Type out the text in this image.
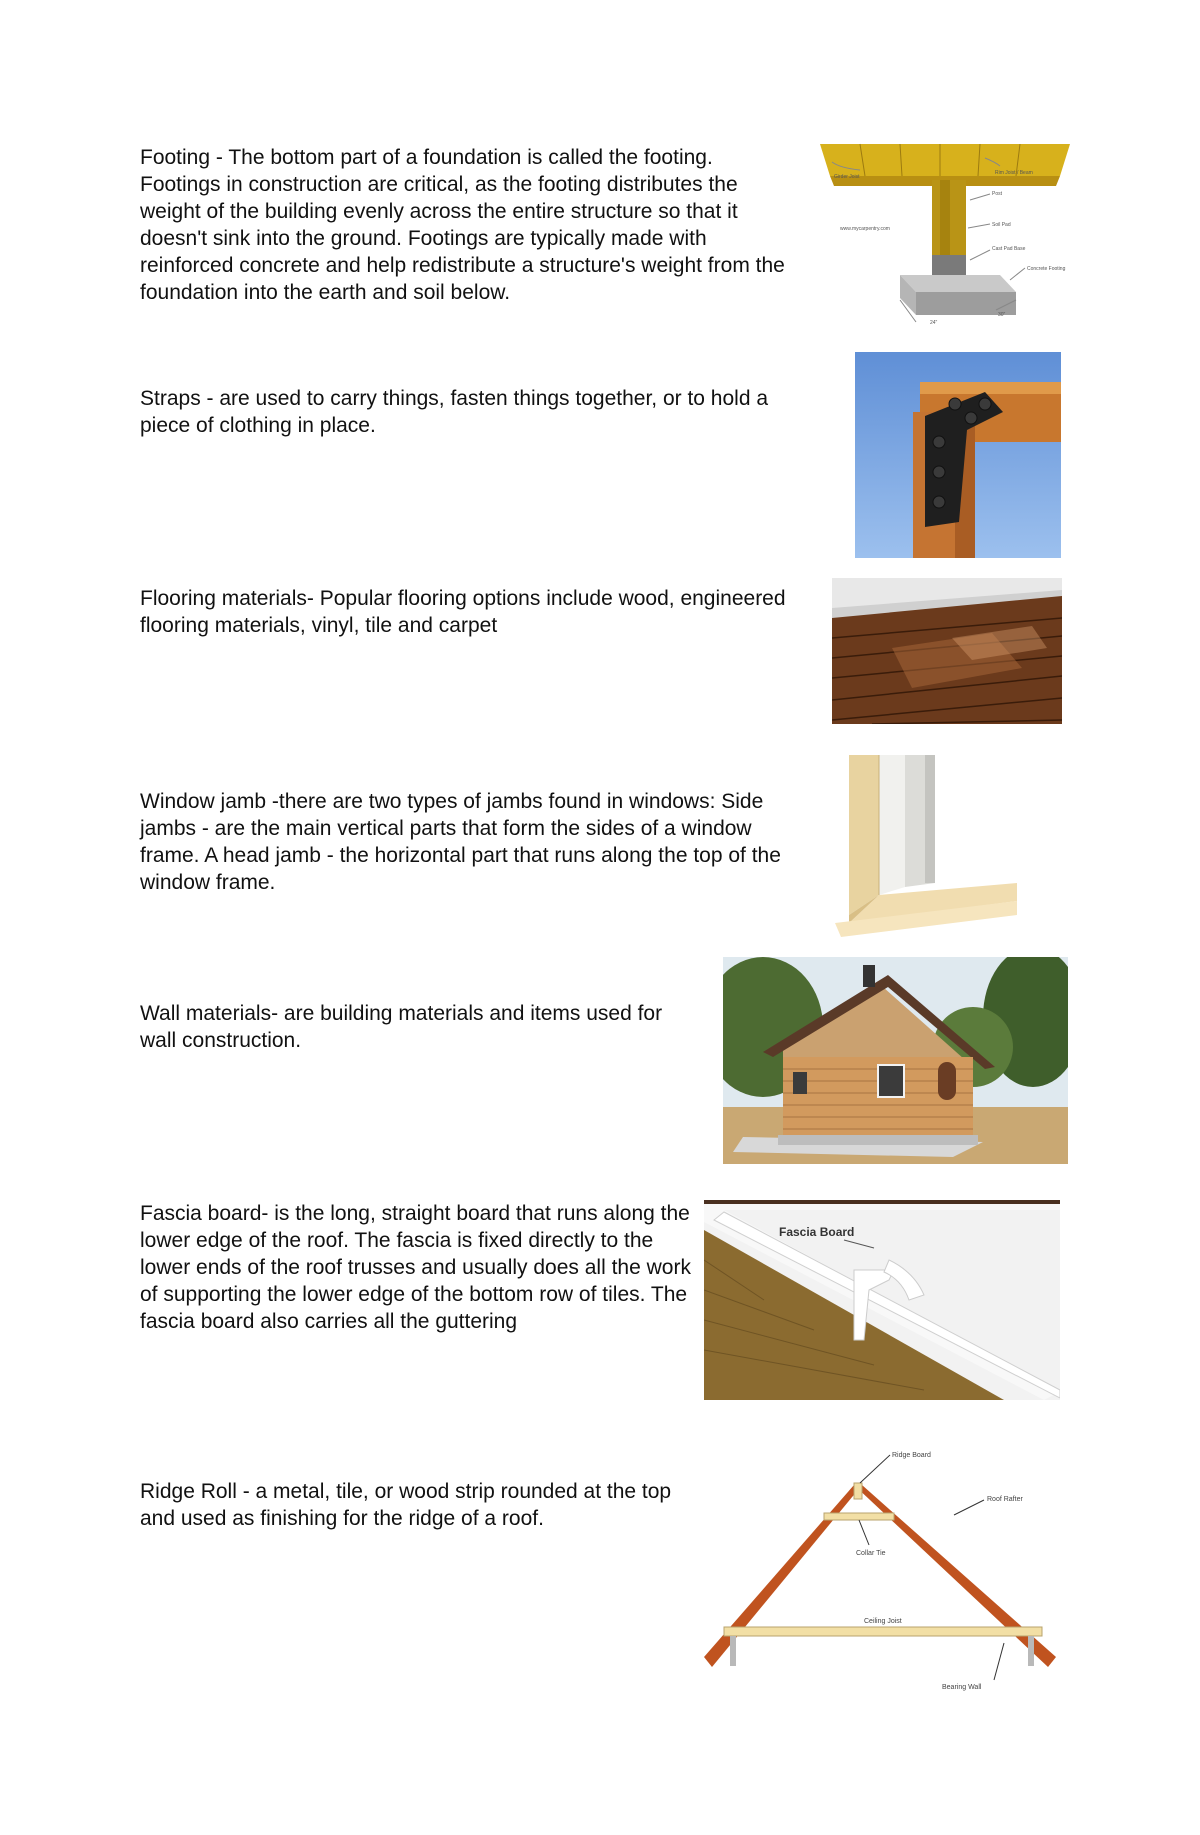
Footing - The bottom part of a foundation is called the footing. Footings in construction are critical, as the footing distributes the weight of the building evenly across the entire structure so that it doesn't sink into the ground. Footings are typically made with reinforced concrete and help redistribute a structure's weight from the foundation into the earth and soil below.

Girder Joist
Rim Joist / Beam
Post
Soil Pad
Cast Pad Base
Concrete Footing
www.mycarpentry.com
24"
30"

Straps - are used to carry things, fasten things together, or to hold a piece of clothing in place.

Flooring materials- Popular flooring options include wood, engineered flooring materials, vinyl, tile and carpet

Window jamb -there are two types of jambs found in windows: Side jambs - are the main vertical parts that form the sides of a window frame. A head jamb - the horizontal part that runs along the top of the window frame.

Wall materials- are building materials and items used for wall construction.

Fascia board- is the long, straight board that runs along the lower edge of the roof. The fascia is fixed directly to the lower ends of the roof trusses and usually does all the work of supporting the lower edge of the bottom row of tiles. The fascia board also carries all the guttering

Fascia Board

Ridge Roll - a metal, tile, or wood strip rounded at the top and used as finishing for the ridge of a roof.

Ridge Board
Roof Rafter
Collar Tie
Ceiling Joist
Bearing Wall
